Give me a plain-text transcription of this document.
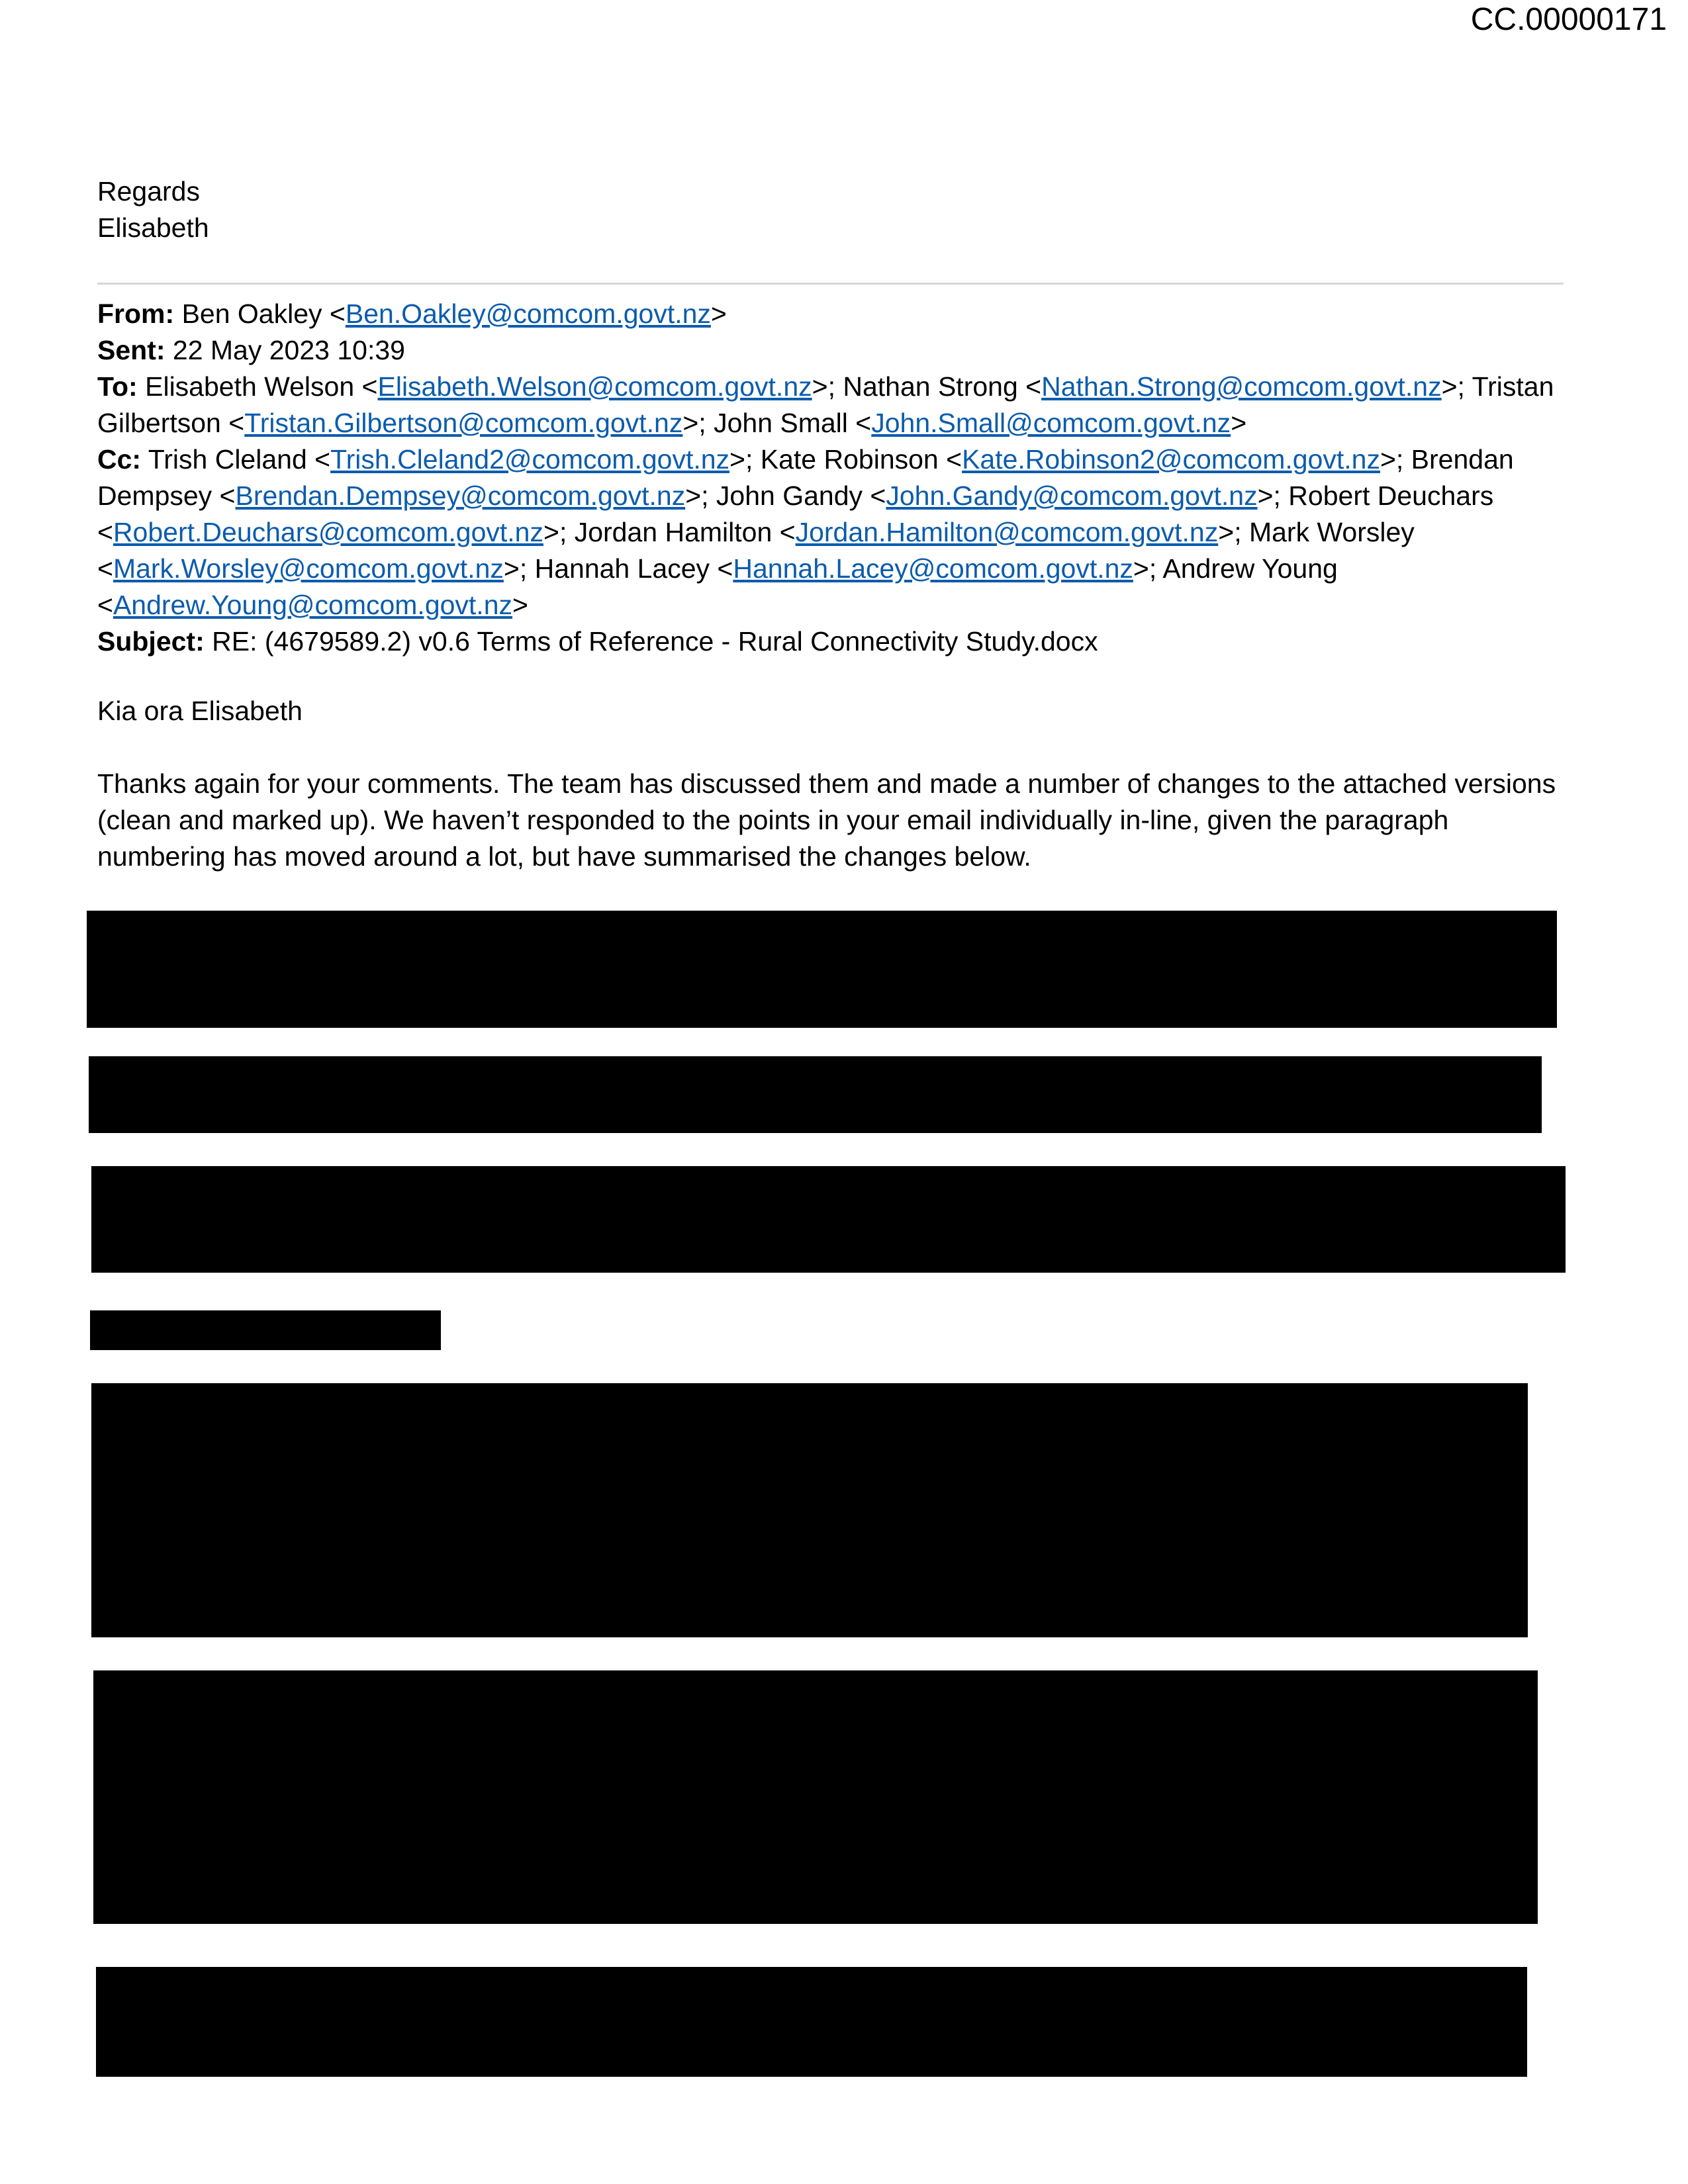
CC.00000171
Regards
Elisabeth
From: Ben Oakley <Ben.Oakley@comcom.govt.nz>
Sent: 22 May 2023 10:39
To: Elisabeth Welson <Elisabeth.Welson@comcom.govt.nz>; Nathan Strong <Nathan.Strong@comcom.govt.nz>; Tristan
Gilbertson <Tristan.Gilbertson@comcom.govt.nz>; John Small <John.Small@comcom.govt.nz>
Cc: Trish Cleland <Trish.Cleland2@comcom.govt.nz>; Kate Robinson <Kate.Robinson2@comcom.govt.nz>; Brendan
Dempsey <Brendan.Dempsey@comcom.govt.nz>; John Gandy <John.Gandy@comcom.govt.nz>; Robert Deuchars
<Robert.Deuchars@comcom.govt.nz>; Jordan Hamilton <Jordan.Hamilton@comcom.govt.nz>; Mark Worsley
<Mark.Worsley@comcom.govt.nz>; Hannah Lacey <Hannah.Lacey@comcom.govt.nz>; Andrew Young
<Andrew.Young@comcom.govt.nz>
Subject: RE: (4679589.2) v0.6 Terms of Reference - Rural Connectivity Study.docx
Kia ora Elisabeth
Thanks again for your comments. The team has discussed them and made a number of changes to the attached versions
(clean and marked up). We haven’t responded to the points in your email individually in-line, given the paragraph
numbering has moved around a lot, but have summarised the changes below.
